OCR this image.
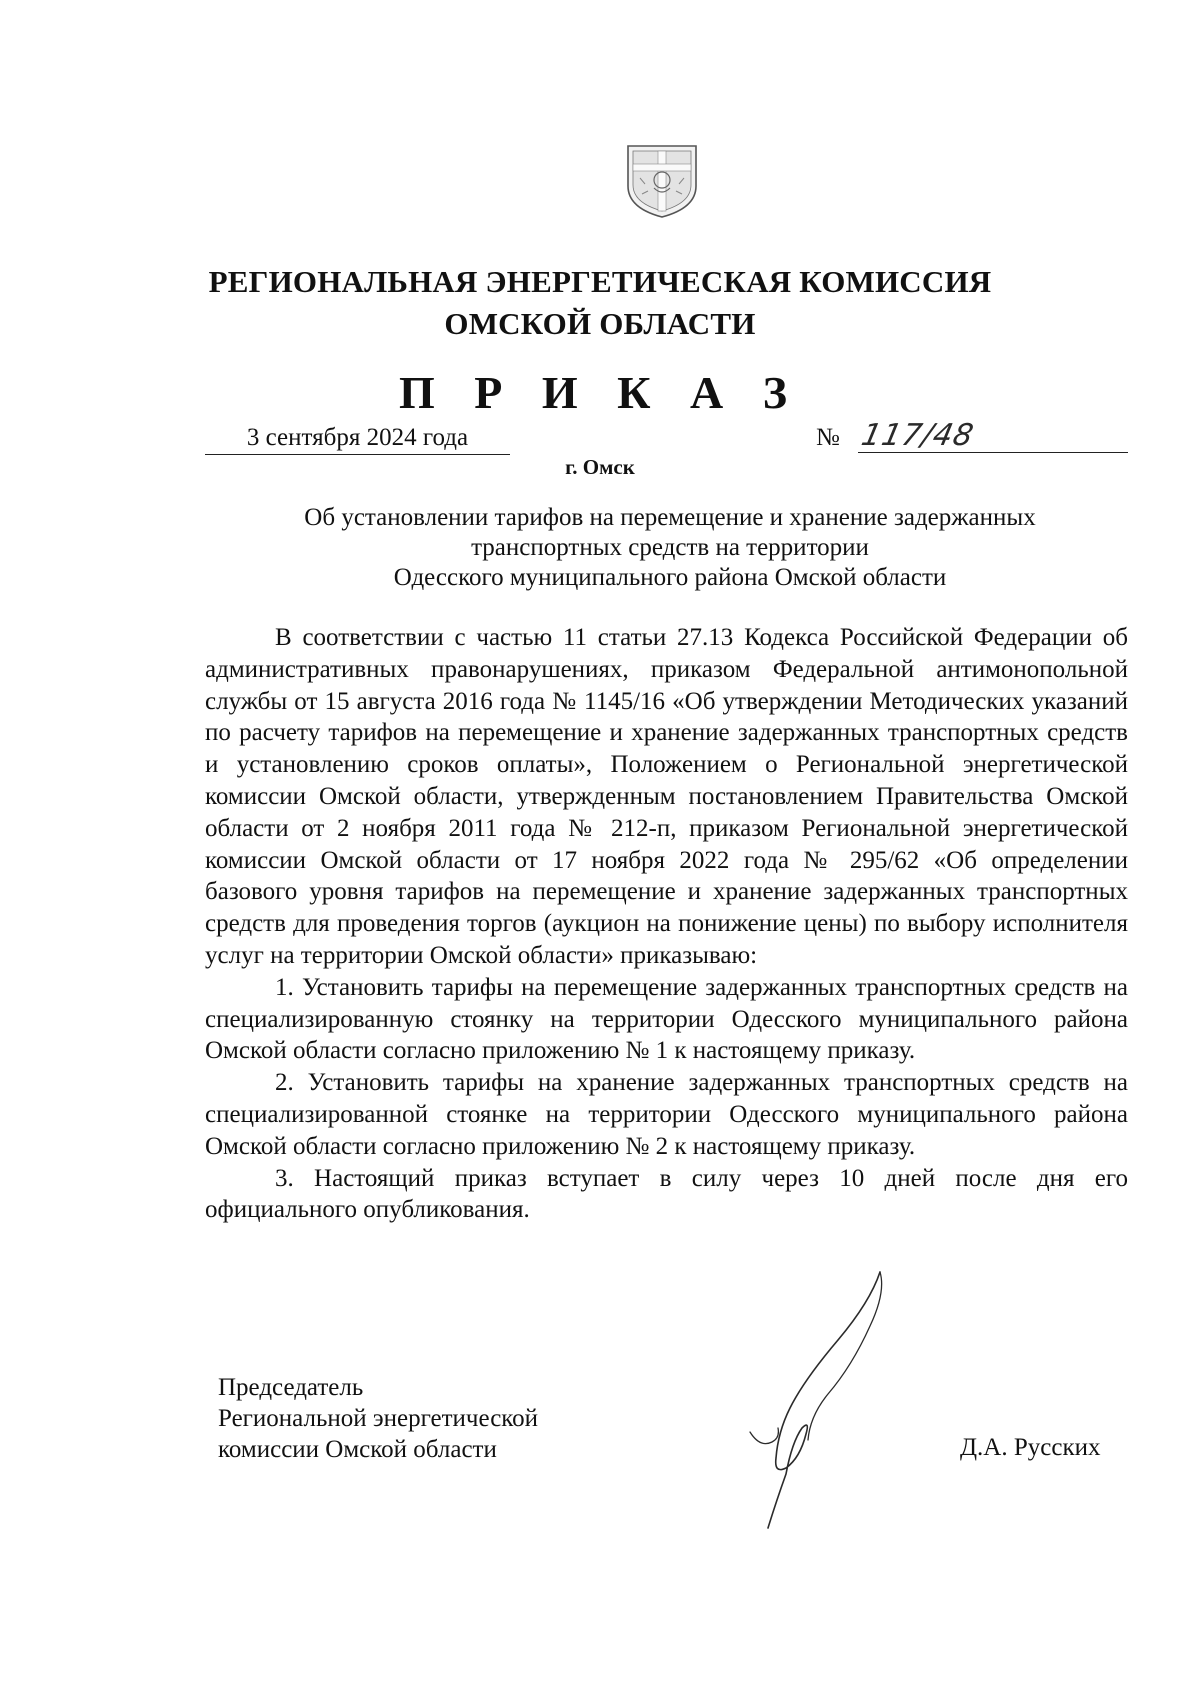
РЕГИОНАЛЬНАЯ ЭНЕРГЕТИЧЕСКАЯ КОМИССИЯ
ОМСКОЙ ОБЛАСТИ
П Р И К А З
3 сентября 2024 года	№ 117/48
г. Омск
Об установлении тарифов на перемещение и хранение задержанных
транспортных средств на территории
Одесского муниципального района Омской области

В соответствии с частью 11 статьи 27.13 Кодекса Российской Федерации об административных правонарушениях, приказом Федеральной антимонопольной службы от 15 августа 2016 года № 1145/16 «Об утверждении Методических указаний по расчету тарифов на перемещение и хранение задержанных транспортных средств и установлению сроков оплаты», Положением о Региональной энергетической комиссии Омской области, утвержденным постановлением Правительства Омской области от 2 ноября 2011 года № 212-п, приказом Региональной энергетической комиссии Омской области от 17 ноября 2022 года № 295/62 «Об определении базового уровня тарифов на перемещение и хранение задержанных транспортных средств для проведения торгов (аукцион на понижение цены) по выбору исполнителя услуг на территории Омской области» приказываю:

1. Установить тарифы на перемещение задержанных транспортных средств на специализированную стоянку на территории Одесского муниципального района Омской области согласно приложению № 1 к настоящему приказу.

2. Установить тарифы на хранение задержанных транспортных средств на специализированной стоянке на территории Одесского муниципального района Омской области согласно приложению № 2 к настоящему приказу.

3. Настоящий приказ вступает в силу через 10 дней после дня его официального опубликования.

Председатель
Региональной энергетической
комиссии Омской области	Д.А. Русских
